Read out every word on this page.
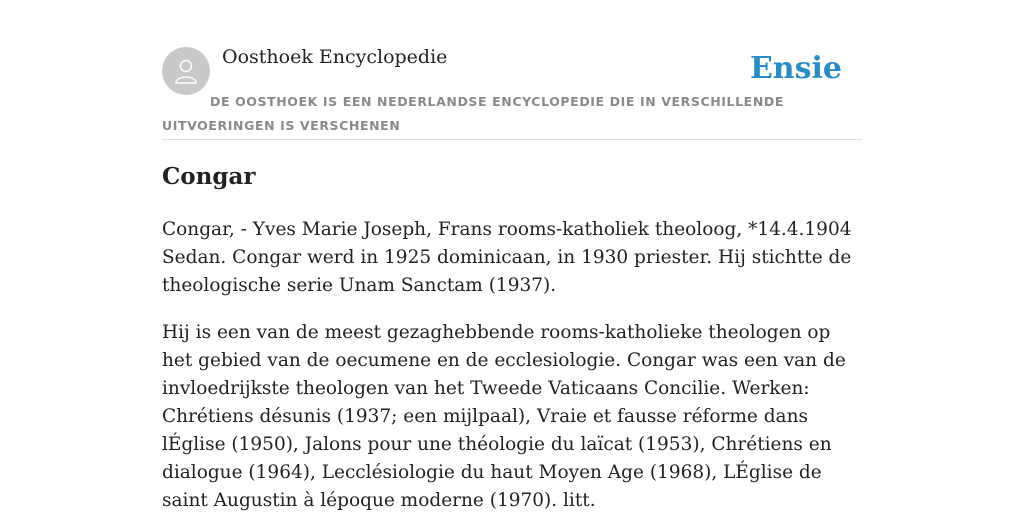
Oosthoek Encyclopedie	Ensie
DE OOSTHOEK IS EEN NEDERLANDSE ENCYCLOPEDIE DIE IN VERSCHILLENDE UITVOERINGEN IS VERSCHENEN
Congar

Congar, - Yves Marie Joseph, Frans rooms-katholiek theoloog, *14.4.1904 Sedan. Congar werd in 1925 dominicaan, in 1930 priester. Hij stichtte de theologische serie Unam Sanctam (1937).

Hij is een van de meest gezaghebbende rooms-katholieke theologen op het gebied van de oecumene en de ecclesiologie. Congar was een van de invloedrijkste theologen van het Tweede Vaticaans Concilie. Werken: Chrétiens désunis (1937; een mijlpaal), Vraie et fausse réforme dans lÉglise (1950), Jalons pour une théologie du laïcat (1953), Chrétiens en dialogue (1964), Lecclésiologie du haut Moyen Age (1968), LÉglise de saint Augustin à lépoque moderne (1970). litt.
